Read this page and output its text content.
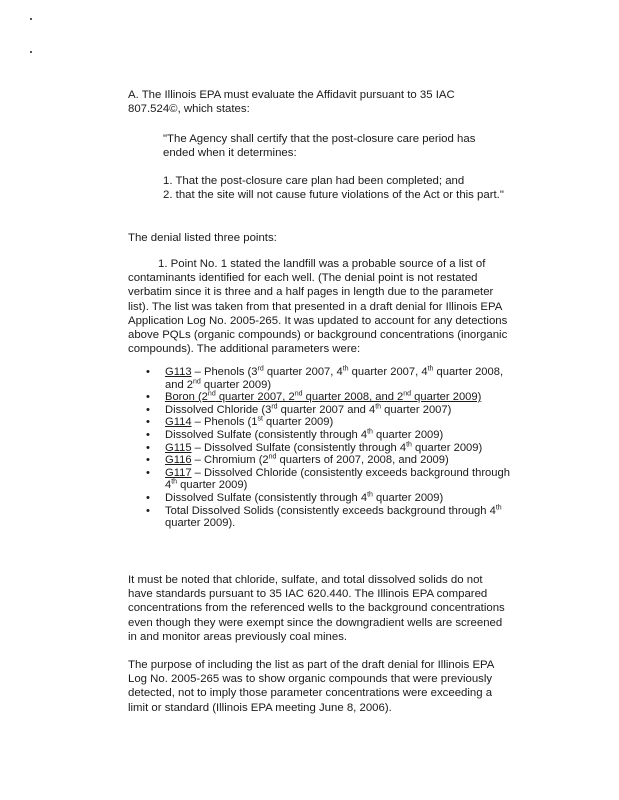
A. The Illinois EPA must evaluate the Affidavit pursuant to 35 IAC 807.524©, which states:

"The Agency shall certify that the post-closure care period has ended when it determines:

1. That the post-closure care plan had been completed; and
2. that the site will not cause future violations of the Act or this part."

The denial listed three points:

1. Point No. 1 stated the landfill was a probable source of a list of contaminants identified for each well. (The denial point is not restated verbatim since it is three and a half pages in length due to the parameter list). The list was taken from that presented in a draft denial for Illinois EPA Application Log No. 2005-265. It was updated to account for any detections above PQLs (organic compounds) or background concentrations (inorganic compounds). The additional parameters were:

• G113 – Phenols (3rd quarter 2007, 4th quarter 2007, 4th quarter 2008, and 2nd quarter 2009)
• Boron (2nd quarter 2007, 2nd quarter 2008, and 2nd quarter 2009)
• Dissolved Chloride (3rd quarter 2007 and 4th quarter 2007)
• G114 – Phenols (1st quarter 2009)
• Dissolved Sulfate (consistently through 4th quarter 2009)
• G115 – Dissolved Sulfate (consistently through 4th quarter 2009)
• G116 – Chromium (2nd quarters of 2007, 2008, and 2009)
• G117 – Dissolved Chloride (consistently exceeds background through 4th quarter 2009)
• Dissolved Sulfate (consistently through 4th quarter 2009)
• Total Dissolved Solids (consistently exceeds background through 4th quarter 2009).

It must be noted that chloride, sulfate, and total dissolved solids do not have standards pursuant to 35 IAC 620.440. The Illinois EPA compared concentrations from the referenced wells to the background concentrations even though they were exempt since the downgradient wells are screened in and monitor areas previously coal mines.

The purpose of including the list as part of the draft denial for Illinois EPA Log No. 2005-265 was to show organic compounds that were previously detected, not to imply those parameter concentrations were exceeding a limit or standard (Illinois EPA meeting June 8, 2006).
